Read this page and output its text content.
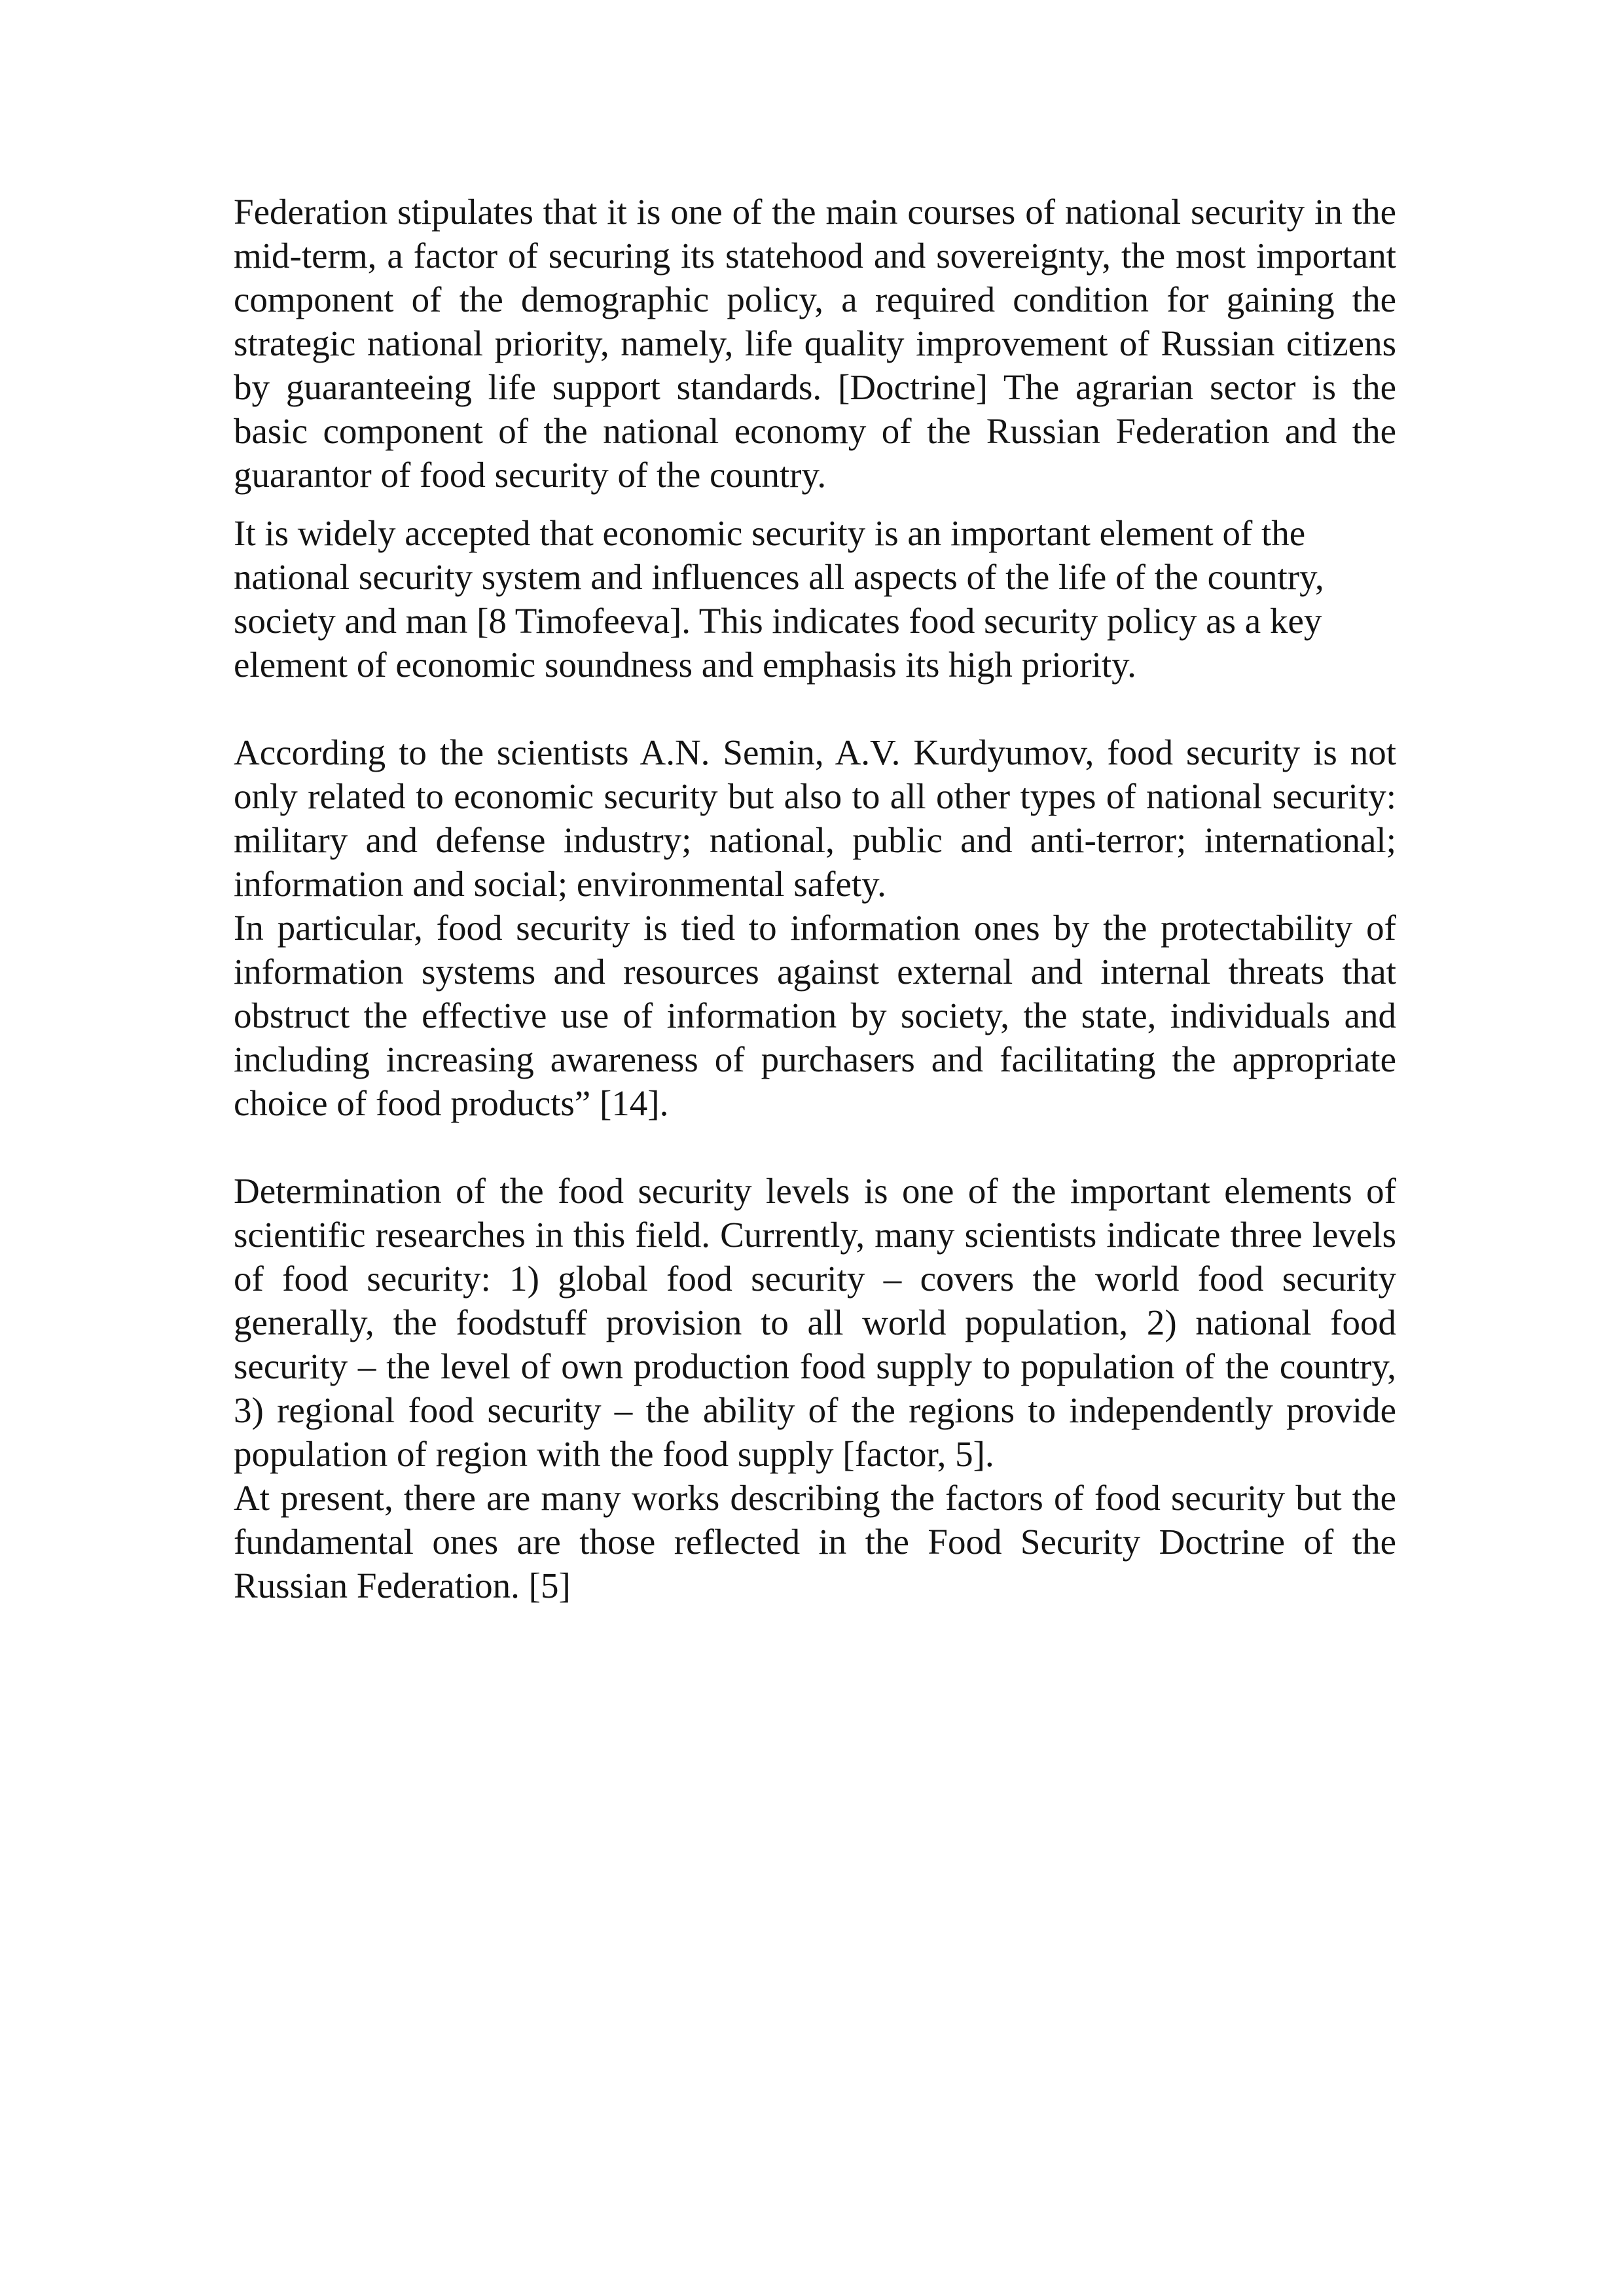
Federation stipulates that it is one of the main courses of national security in the mid-term, a factor of securing its statehood and sovereignty, the most important component of the demographic policy, a required condition for gaining the strategic national priority, namely, life quality improvement of Russian citizens by guaranteeing life support standards. [Doctrine] The agrarian sector is the basic component of the national economy of the Russian Federation and the guarantor of food security of the country.

It is widely accepted that economic security is an important element of the national security system and influences all aspects of the life of the country, society and man [8 Timofeeva]. This indicates food security policy as a key element of economic soundness and emphasis its high priority.

According to the scientists A.N. Semin, A.V. Kurdyumov, food security is not only related to economic security but also to all other types of national security: military and defense industry; national, public and anti-terror; international; information and social; environmental safety.

In particular, food security is tied to information ones by the protectability of information systems and resources against external and internal threats that obstruct the effective use of information by society, the state, individuals and including increasing awareness of purchasers and facilitating the appropriate choice of food products” [14].

Determination of the food security levels is one of the important elements of scientific researches in this field. Currently, many scientists indicate three levels of food security: 1) global food security – covers the world food security generally, the foodstuff provision to all world population, 2) national food security – the level of own production food supply to population of the country, 3) regional food security – the ability of the regions to independently provide population of region with the food supply [factor, 5].

At present, there are many works describing the factors of food security but the fundamental ones are those reflected in the Food Security Doctrine of the Russian Federation. [5]
